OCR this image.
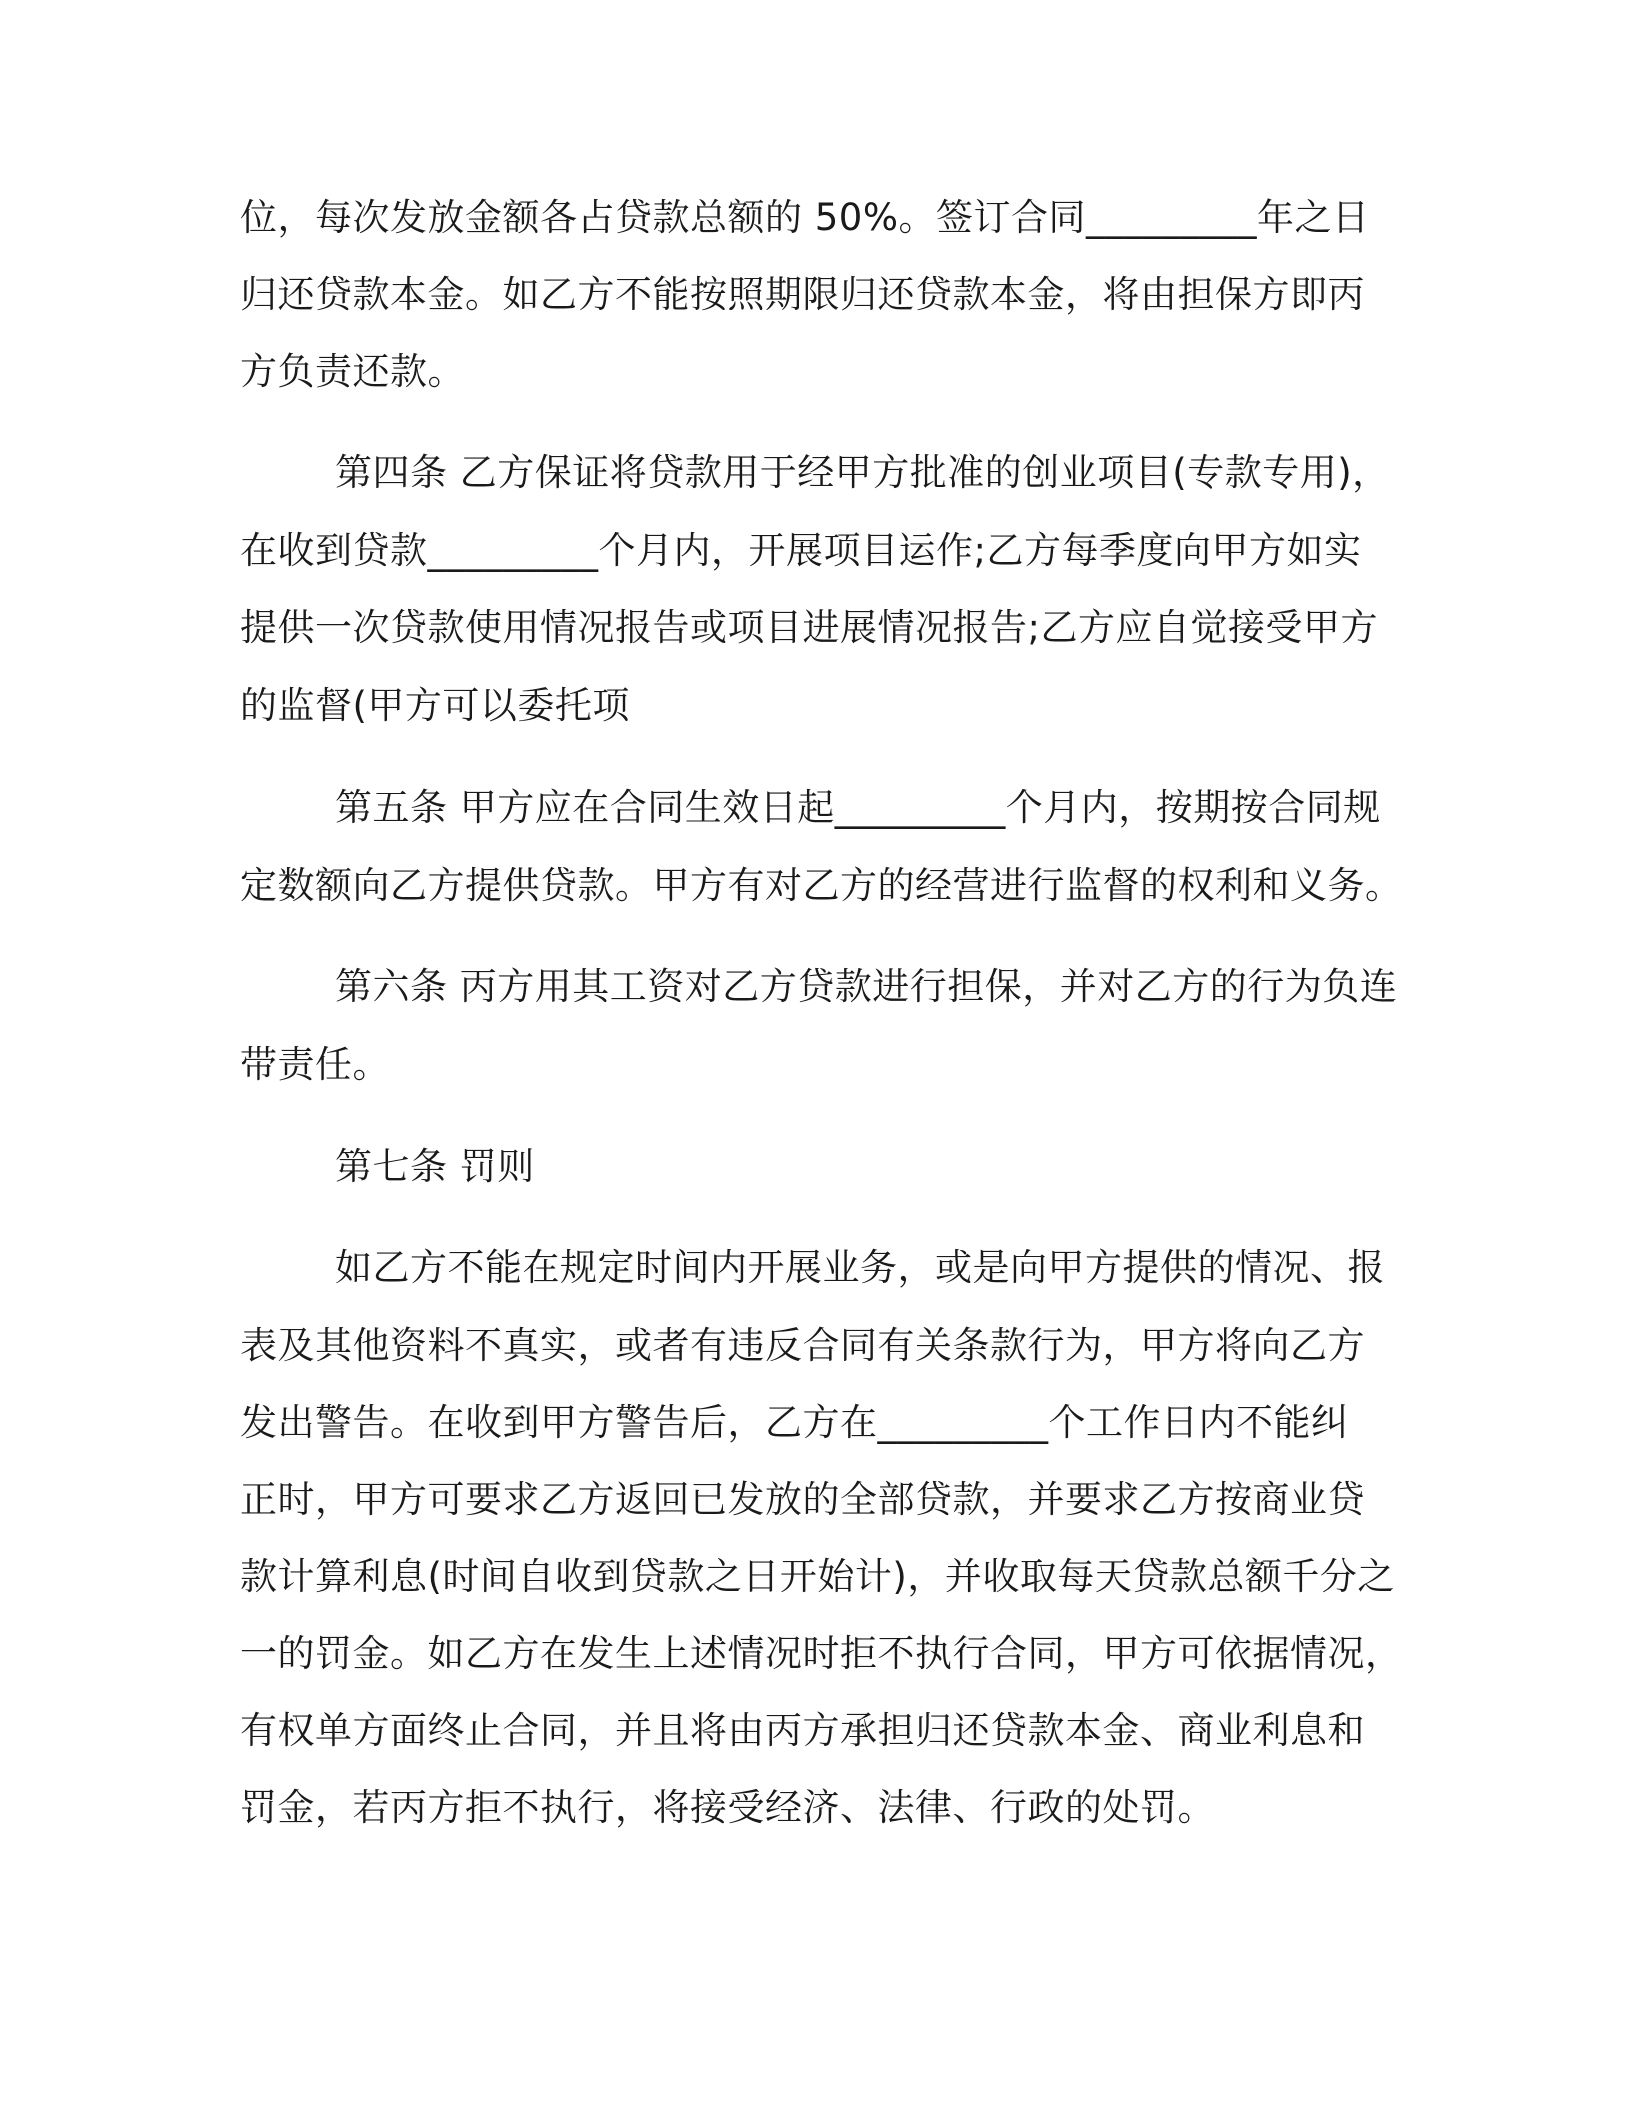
位，每次发放金额各占贷款总额的 50%。签订合同_________年之日

归还贷款本金。如乙方不能按照期限归还贷款本金，将由担保方即丙

方负责还款。

第四条 乙方保证将贷款用于经甲方批准的创业项目(专款专用)，

在收到贷款_________个月内，开展项目运作;乙方每季度向甲方如实

提供一次贷款使用情况报告或项目进展情况报告;乙方应自觉接受甲方

的监督(甲方可以委托项

第五条 甲方应在合同生效日起_________个月内，按期按合同规

定数额向乙方提供贷款。甲方有对乙方的经营进行监督的权利和义务。

第六条 丙方用其工资对乙方贷款进行担保，并对乙方的行为负连

带责任。

第七条 罚则

如乙方不能在规定时间内开展业务，或是向甲方提供的情况、报

表及其他资料不真实，或者有违反合同有关条款行为，甲方将向乙方

发出警告。在收到甲方警告后，乙方在_________个工作日内不能纠

正时，甲方可要求乙方返回已发放的全部贷款，并要求乙方按商业贷

款计算利息(时间自收到贷款之日开始计)，并收取每天贷款总额千分之

一的罚金。如乙方在发生上述情况时拒不执行合同，甲方可依据情况，

有权单方面终止合同，并且将由丙方承担归还贷款本金、商业利息和

罚金，若丙方拒不执行，将接受经济、法律、行政的处罚。
